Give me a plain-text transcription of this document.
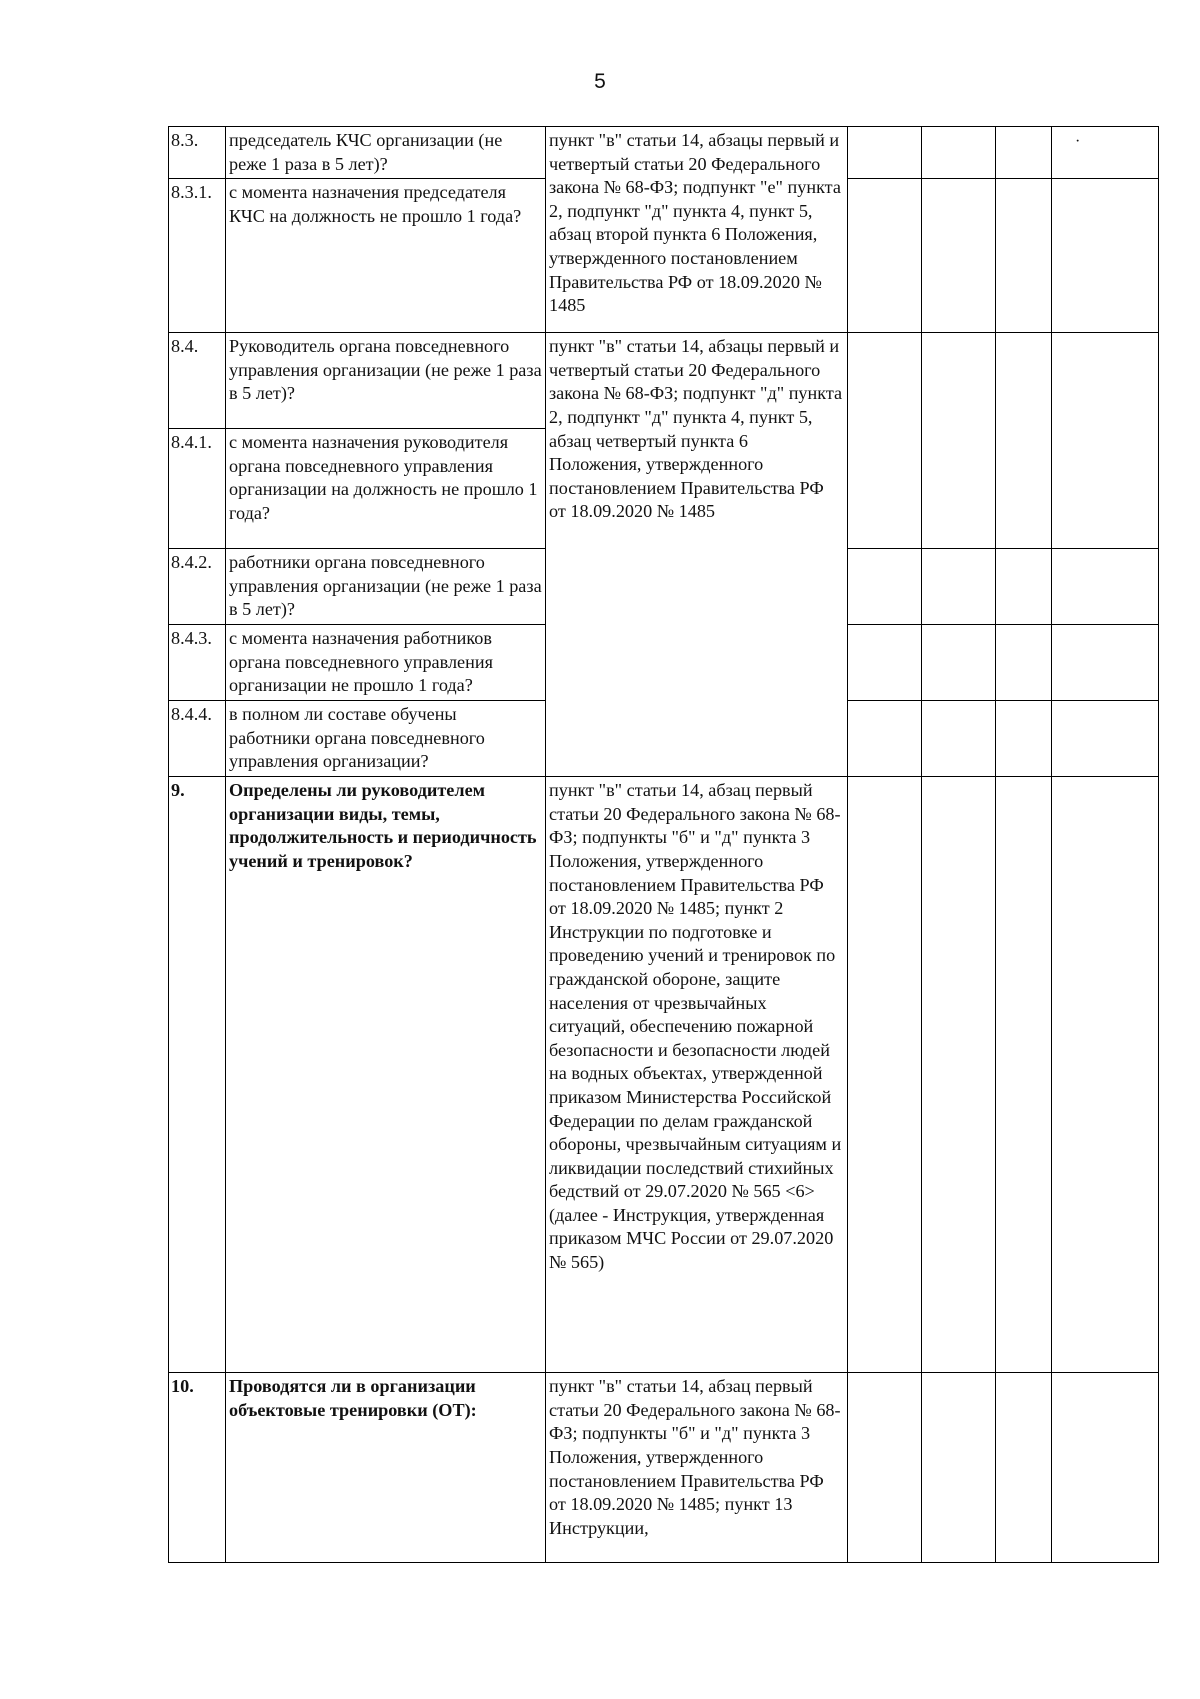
5
8.3.	председатель КЧС организации (не реже 1 раза в 5 лет)?	пункт "в" статьи 14, абзацы первый и четвертый статьи 20 Федерального закона № 68-ФЗ; подпункт "е" пункта 2, подпункт "д" пункта 4, пункт 5, абзац второй пункта 6 Положения, утвержденного постановлением Правительства РФ от 18.09.2020 № 1485				·
8.3.1.	с момента назначения председателя КЧС на должность не прошло 1 года?					
8.4.	Руководитель органа повседневного управления организации (не реже 1 раза в 5 лет)?	пункт "в" статьи 14, абзацы первый и четвертый статьи 20 Федерального закона № 68-ФЗ; подпункт "д" пункта 2, подпункт "д" пункта 4, пункт 5, абзац четвертый пункта 6 Положения, утвержденного постановлением Правительства РФ от 18.09.2020 № 1485				
8.4.1.	с момента назначения руководителя органа повседневного управления организации на должность не прошло 1 года?					
8.4.2.	работники органа повседневного управления организации (не реже 1 раза в 5 лет)?					
8.4.3.	с момента назначения работников органа повседневного управления организации не прошло 1 года?					
8.4.4.	в полном ли составе обучены работники органа повседневного управления организации?					
9.	Определены ли руководителем организации виды, темы, продолжительность и периодичность учений и тренировок?	пункт "в" статьи 14, абзац первый статьи 20 Федерального закона № 68-ФЗ; подпункты "б" и "д" пункта 3 Положения, утвержденного постановлением Правительства РФ от 18.09.2020 № 1485; пункт 2 Инструкции по подготовке и проведению учений и тренировок по гражданской обороне, защите населения от чрезвычайных ситуаций, обеспечению пожарной безопасности и безопасности людей на водных объектах, утвержденной приказом Министерства Российской Федерации по делам гражданской обороны, чрезвычайным ситуациям и ликвидации последствий стихийных бедствий от 29.07.2020 № 565 <6> (далее - Инструкция, утвержденная приказом МЧС России от 29.07.2020 № 565)				
10.	Проводятся ли в организации объектовые тренировки (ОТ):	пункт "в" статьи 14, абзац первый статьи 20 Федерального закона № 68-ФЗ; подпункты "б" и "д" пункта 3 Положения, утвержденного постановлением Правительства РФ от 18.09.2020 № 1485; пункт 13 Инструкции,				
